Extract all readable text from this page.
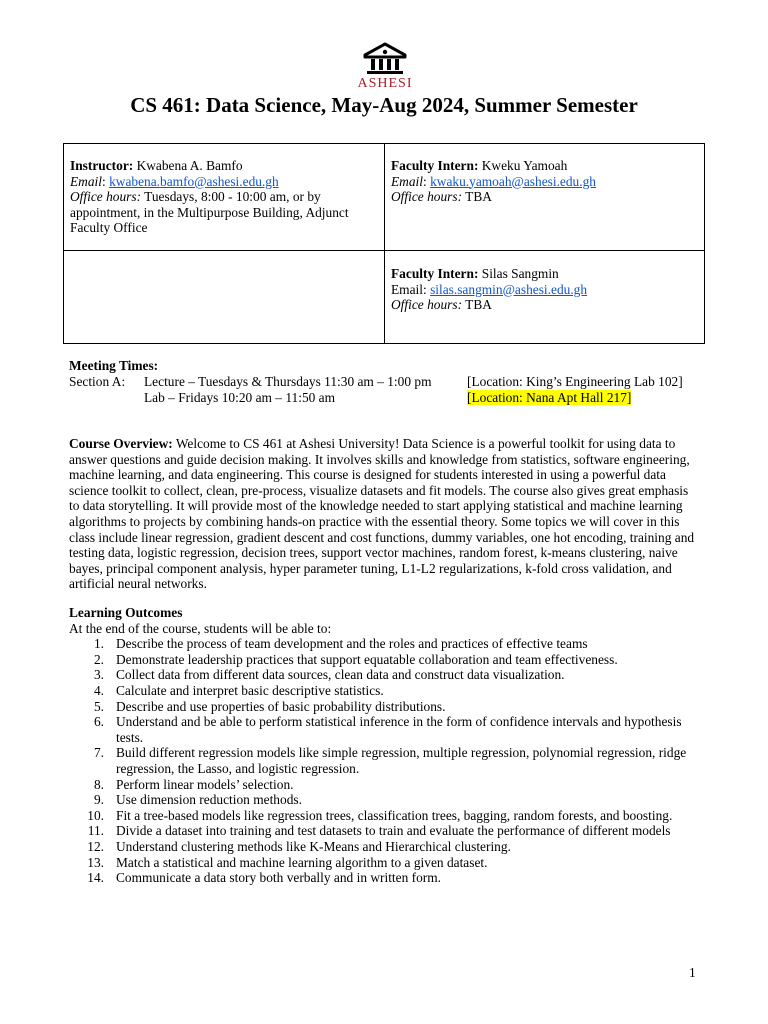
ASHESI
CS 461: Data Science, May-Aug 2024, Summer Semester
Instructor: Kwabena A. Bamfo
Email: kwabena.bamfo@ashesi.edu.gh
Office hours: Tuesdays, 8:00 - 10:00 am, or by appointment, in the Multipurpose Building, Adjunct Faculty Office
Faculty Intern: Kweku Yamoah
Email: kwaku.yamoah@ashesi.edu.gh
Office hours: TBA
Faculty Intern: Silas Sangmin
Email: silas.sangmin@ashesi.edu.gh
Office hours: TBA
Meeting Times:
Section A: Lecture – Tuesdays & Thursdays 11:30 am – 1:00 pm	[Location: King’s Engineering Lab 102]
Lab – Fridays 10:20 am – 11:50 am	[Location: Nana Apt Hall 217]
Course Overview: Welcome to CS 461 at Ashesi University! Data Science is a powerful toolkit for using data to answer questions and guide decision making. It involves skills and knowledge from statistics, software engineering, machine learning, and data engineering. This course is designed for students interested in using a powerful data science toolkit to collect, clean, pre-process, visualize datasets and fit models. The course also gives great emphasis to data storytelling. It will provide most of the knowledge needed to start applying statistical and machine learning algorithms to projects by combining hands-on practice with the essential theory. Some topics we will cover in this class include linear regression, gradient descent and cost functions, dummy variables, one hot encoding, training and testing data, logistic regression, decision trees, support vector machines, random forest, k-means clustering, naive bayes, principal component analysis, hyper parameter tuning, L1-L2 regularizations, k-fold cross validation, and artificial neural networks.
Learning Outcomes
At the end of the course, students will be able to:
1. Describe the process of team development and the roles and practices of effective teams
2. Demonstrate leadership practices that support equatable collaboration and team effectiveness.
3. Collect data from different data sources, clean data and construct data visualization.
4. Calculate and interpret basic descriptive statistics.
5. Describe and use properties of basic probability distributions.
6. Understand and be able to perform statistical inference in the form of confidence intervals and hypothesis tests.
7. Build different regression models like simple regression, multiple regression, polynomial regression, ridge regression, the Lasso, and logistic regression.
8. Perform linear models’ selection.
9. Use dimension reduction methods.
10. Fit a tree-based models like regression trees, classification trees, bagging, random forests, and boosting.
11. Divide a dataset into training and test datasets to train and evaluate the performance of different models
12. Understand clustering methods like K-Means and Hierarchical clustering.
13. Match a statistical and machine learning algorithm to a given dataset.
14. Communicate a data story both verbally and in written form.
1
